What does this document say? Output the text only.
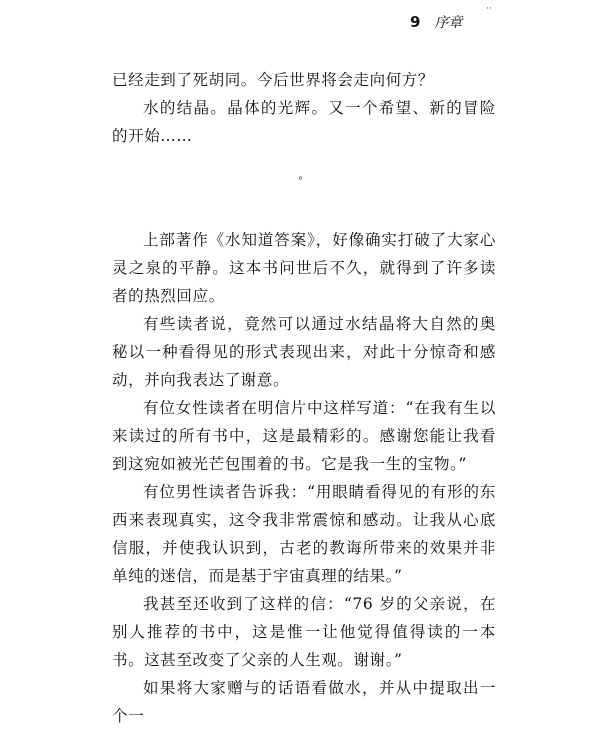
··
9 序章

已经走到了死胡同。今后世界将会走向何方？

水的结晶。晶体的光辉。又一个希望、新的冒险的开始……

°

上部著作《水知道答案》，好像确实打破了大家心灵之泉的平静。这本书问世后不久，就得到了许多读者的热烈回应。

有些读者说，竟然可以通过水结晶将大自然的奥秘以一种看得见的形式表现出来，对此十分惊奇和感动，并向我表达了谢意。

有位女性读者在明信片中这样写道：“在我有生以来读过的所有书中，这是最精彩的。感谢您能让我看到这宛如被光芒包围着的书。它是我一生的宝物。”

有位男性读者告诉我：“用眼睛看得见的有形的东西来表现真实，这令我非常震惊和感动。让我从心底信服，并使我认识到，古老的教诲所带来的效果并非单纯的迷信，而是基于宇宙真理的结果。”

我甚至还收到了这样的信：“76 岁的父亲说，在别人推荐的书中，这是惟一让他觉得值得读的一本书。这甚至改变了父亲的人生观。谢谢。”

如果将大家赠与的话语看做水，并从中提取出一个一
